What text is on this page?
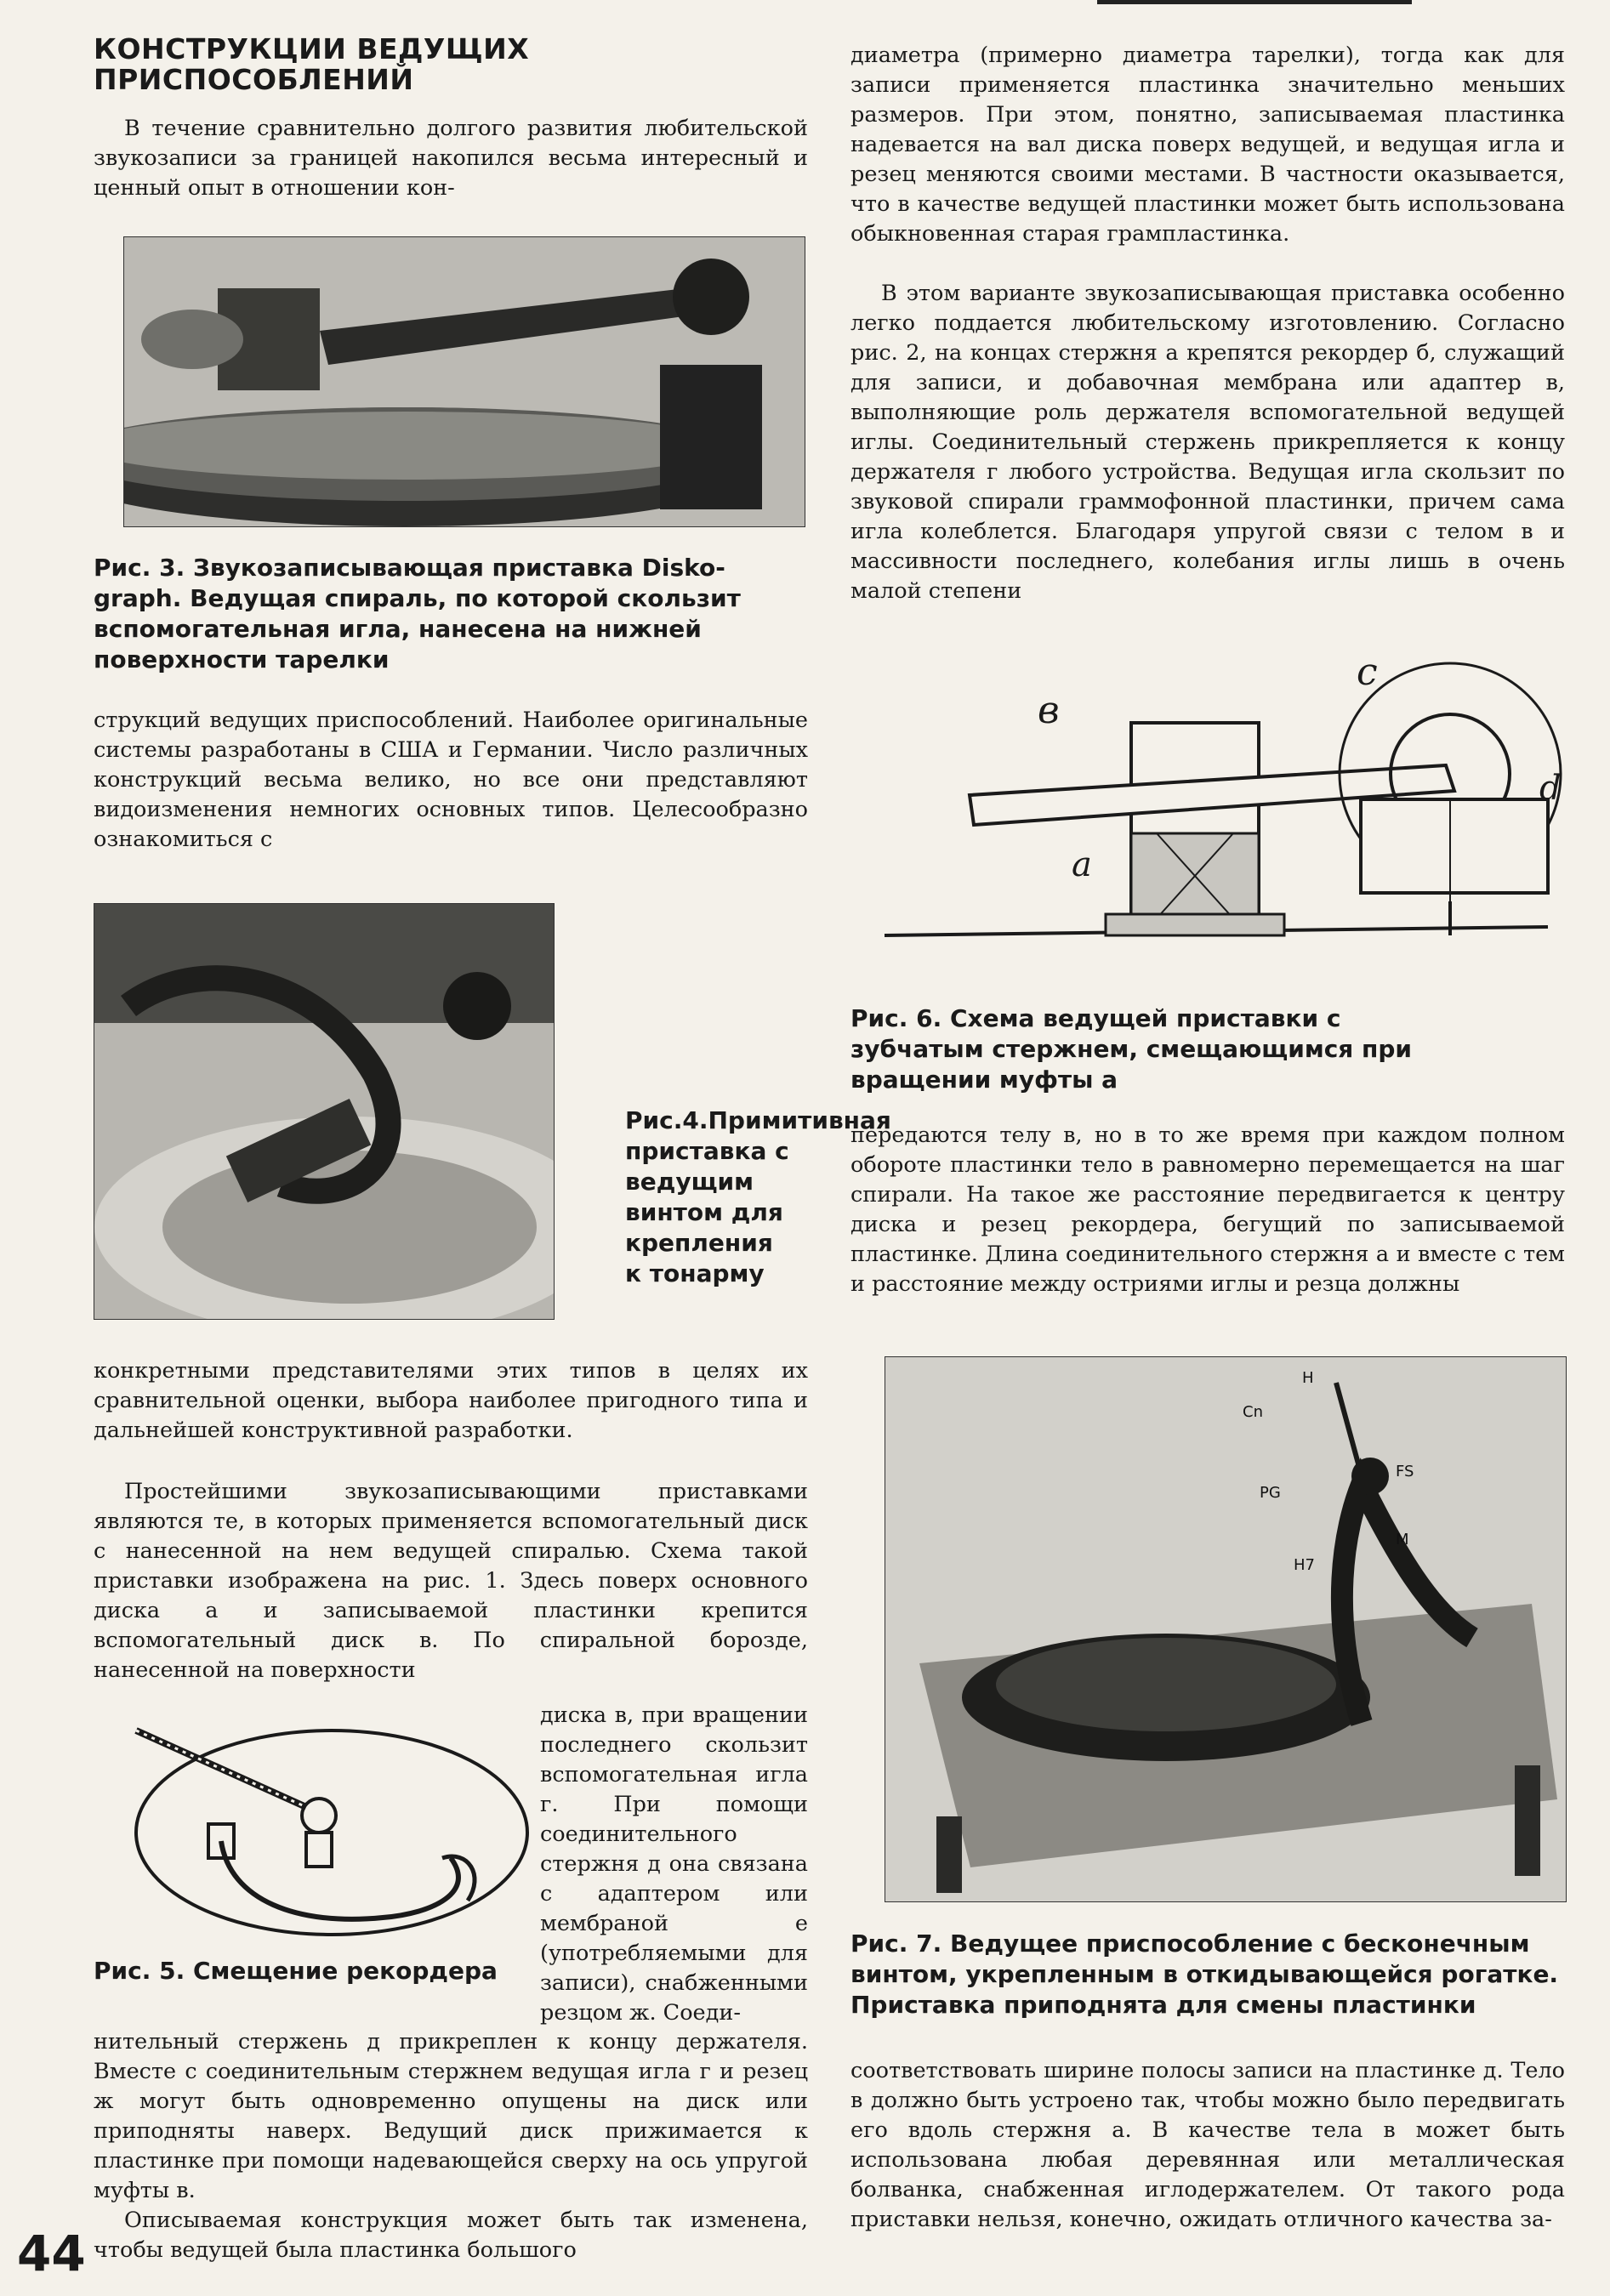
КОНСТРУКЦИИ ВЕДУЩИХ ПРИСПОСОБЛЕНИЙ

В течение сравнительно долгого развития любительской звукозаписи за границей накопился весьма интересный и ценный опыт в отношении кон-

Рис. 3. Звукозаписывающая приставка Disko-graph. Ведущая спираль, по которой скользит вспомогательная игла, нанесена на нижней поверхности тарелки

струкций ведущих приспособлений. Наиболее оригинальные системы разработаны в США и Германии. Число различных конструкций весьма велико, но все они представляют видоизменения немногих основных типов. Целесообразно ознакомиться с

Рис.4.Примитивная приставка с ведущим винтом для крепления к тонарму

конкретными представителями этих типов в целях их сравнительной оценки, выбора наиболее пригодного типа и дальнейшей конструктивной разработки.

Простейшими звукозаписывающими приставками являются те, в которых применяется вспомогательный диск с нанесенной на нем ведущей спиралью. Схема такой приставки изображена на рис. 1. Здесь поверх основного диска а и записываемой пластинки крепится вспомогательный диск в. По спиральной борозде, нанесенной на поверхности

Рис. 5. Смещение рекордера

диска в, при вращении последнего скользит вспомогательная игла г. При помощи соединительного стержня д она связана с адаптером или мембраной е (употребляемыми для записи), снабженными резцом ж. Соеди-

нительный стержень д прикреплен к концу держателя. Вместе с соединительным стержнем ведущая игла г и резец ж могут быть одновременно опущены на диск или приподняты наверх. Ведущий диск прижимается к пластинке при помощи надевающейся сверху на ось упругой муфты в.

Описываемая конструкция может быть так изменена, чтобы ведущей была пластинка большого

44

диаметра (примерно диаметра тарелки), тогда как для записи применяется пластинка значительно меньших размеров. При этом, понятно, записываемая пластинка надевается на вал диска поверх ведущей, и ведущая игла и резец меняются своими местами. В частности оказывается, что в качестве ведущей пластинки может быть использована обыкновенная старая грампластинка.

В этом варианте звукозаписывающая приставка особенно легко поддается любительскому изготовлению. Согласно рис. 2, на концах стержня а крепятся рекордер б, служащий для записи, и добавочная мембрана или адаптер в, выполняющие роль держателя вспомогательной ведущей иглы. Соединительный стержень прикрепляется к концу держателя г любого устройства. Ведущая игла скользит по звуковой спирали граммофонной пластинки, причем сама игла колеблется. Благодаря упругой связи с телом в и массивности последнего, колебания иглы лишь в очень малой степени

в
а
с
d

Рис. 6. Схема ведущей приставки с зубчатым стержнем, смещающимся при вращении муфты а

передаются телу в, но в то же время при каждом полном обороте пластинки тело в равномерно перемещается на шаг спирали. На такое же расстояние передвигается к центру диска и резец рекордера, бегущий по записываемой пластинке. Длина соединительного стержня а и вместе с тем и расстояние между остриями иглы и резца должны

H
Cn
FS
PG
M
H7

Рис. 7. Ведущее приспособление с бесконечным винтом, укрепленным в откидывающейся рогатке. Приставка приподнята для смены пластинки

соответствовать ширине полосы записи на пластинке д. Тело в должно быть устроено так, чтобы можно было передвигать его вдоль стержня а. В качестве тела в может быть использована любая деревянная или металлическая болванка, снабженная иглодержателем. От такого рода приставки нельзя, конечно, ожидать отличного качества за-
